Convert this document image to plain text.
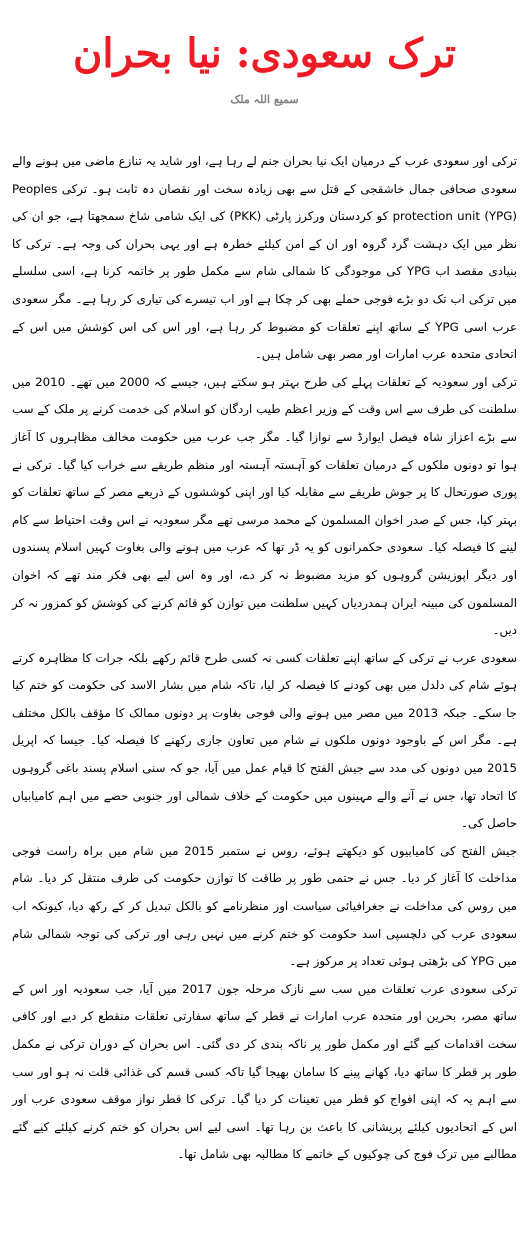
ترک سعودی: نیا بحران
سمیع اللہ ملک

ترکی اور سعودی عرب کے درمیان ایک نیا بحران جنم لے رہا ہے، اور شاید یہ تنازع ماضی میں ہونے والے سعودی صحافی جمال خاشقجی کے قتل سے بھی زیادہ سخت اور نقصان دہ ثابت ہو۔ ترکی Peoples protection unit (YPG) کو کردستان ورکرز پارٹی (PKK) کی ایک شامی شاخ سمجھتا ہے، جو ان کی نظر میں ایک دہشت گرد گروہ اور ان کے امن کیلئے خطرہ ہے اور یہی بحران کی وجہ ہے۔ ترکی کا بنیادی مقصد اب YPG کی موجودگی کا شمالی شام سے مکمل طور پر خاتمہ کرنا ہے، اسی سلسلے میں ترکی اب تک دو بڑے فوجی حملے بھی کر چکا ہے اور اب تیسرے کی تیاری کر رہا ہے۔ مگر سعودی عرب اسی YPG کے ساتھ اپنے تعلقات کو مضبوط کر رہا ہے، اور اس کی اس کوشش میں اس کے اتحادی متحدہ عرب امارات اور مصر بھی شامل ہیں۔

ترکی اور سعودیہ کے تعلقات پہلے کی طرح بہتر ہو سکتے ہیں، جیسے کہ 2000 میں تھے۔ 2010 میں سلطنت کی طرف سے اس وقت کے وزیر اعظم طیب اردگان کو اسلام کی خدمت کرنے پر ملک کے سب سے بڑے اعزاز شاہ فیصل ایوارڈ سے نوازا گیا۔ مگر جب عرب میں حکومت مخالف مظاہروں کا آغاز ہوا تو دونوں ملکوں کے درمیان تعلقات کو آہستہ آہستہ اور منظم طریقے سے خراب کیا گیا۔ ترکی نے پوری صورتحال کا پر جوش طریقے سے مقابلہ کیا اور اپنی کوششوں کے ذریعے مصر کے ساتھ تعلقات کو بہتر کیا، جس کے صدر اخوان المسلمون کے محمد مرسی تھے مگر سعودیہ نے اس وقت احتیاط سے کام لینے کا فیصلہ کیا۔ سعودی حکمرانوں کو یہ ڈر تھا کہ عرب میں ہونے والی بغاوت کہیں اسلام پسندوں اور دیگر اپوزیشن گروہوں کو مزید مضبوط نہ کر دے، اور وہ اس لیے بھی فکر مند تھے کہ اخوان المسلمون کی مبینہ ایران ہمدردیاں کہیں سلطنت میں توازن کو قائم کرنے کی کوشش کو کمزور نہ کر دیں۔

سعودی عرب نے ترکی کے ساتھ اپنے تعلقات کسی نہ کسی طرح قائم رکھے بلکہ جرات کا مظاہرہ کرتے ہوئے شام کی دلدل میں بھی کودنے کا فیصلہ کر لیا، تاکہ شام میں بشار الاسد کی حکومت کو ختم کیا جا سکے۔ جبکہ 2013 میں مصر میں ہونے والی فوجی بغاوت پر دونوں ممالک کا مؤقف بالکل مختلف ہے۔ مگر اس کے باوجود دونوں ملکوں نے شام میں تعاون جاری رکھنے کا فیصلہ کیا۔ جیسا کہ اپریل 2015 میں دونوں کی مدد سے جیش الفتح کا قیام عمل میں آیا، جو کہ سنی اسلام پسند باغی گروہوں کا اتحاد تھا، جس نے آنے والے مہینوں میں حکومت کے خلاف شمالی اور جنوبی حصے میں اہم کامیابیاں حاصل کی۔

جیش الفتح کی کامیابیوں کو دیکھتے ہوئے، روس نے ستمبر 2015 میں شام میں براہ راست فوجی مداخلت کا آغاز کر دیا۔ جس نے حتمی طور پر طاقت کا توازن حکومت کی طرف منتقل کر دیا۔ شام میں روس کی مداخلت نے جغرافیائی سیاست اور منظرنامے کو بالکل تبدیل کر کے رکھ دیا، کیونکہ اب سعودی عرب کی دلچسپی اسد حکومت کو ختم کرنے میں نہیں رہی اور ترکی کی توجہ شمالی شام میں YPG کی بڑھتی ہوئی تعداد پر مرکوز ہے۔

ترکی سعودی عرب تعلقات میں سب سے نازک مرحلہ جون 2017 میں آیا، جب سعودیہ اور اس کے ساتھ مصر، بحرین اور متحدہ عرب امارات نے قطر کے ساتھ سفارتی تعلقات منقطع کر دیے اور کافی سخت اقدامات کیے گئے اور مکمل طور پر ناکہ بندی کر دی گئی۔ اس بحران کے دوران ترکی نے مکمل طور پر قطر کا ساتھ دیا، کھانے پینے کا سامان بھیجا گیا تاکہ کسی قسم کی غذائی قلت نہ ہو اور سب سے اہم یہ کہ اپنی افواج کو قطر میں تعینات کر دیا گیا۔ ترکی کا قطر نواز موقف سعودی عرب اور اس کے اتحادیوں کیلئے پریشانی کا باعث بن رہا تھا۔ اسی لیے اس بحران کو ختم کرنے کیلئے کیے گئے مطالبے میں ترک فوج کی چوکیوں کے خاتمے کا مطالبہ بھی شامل تھا۔
